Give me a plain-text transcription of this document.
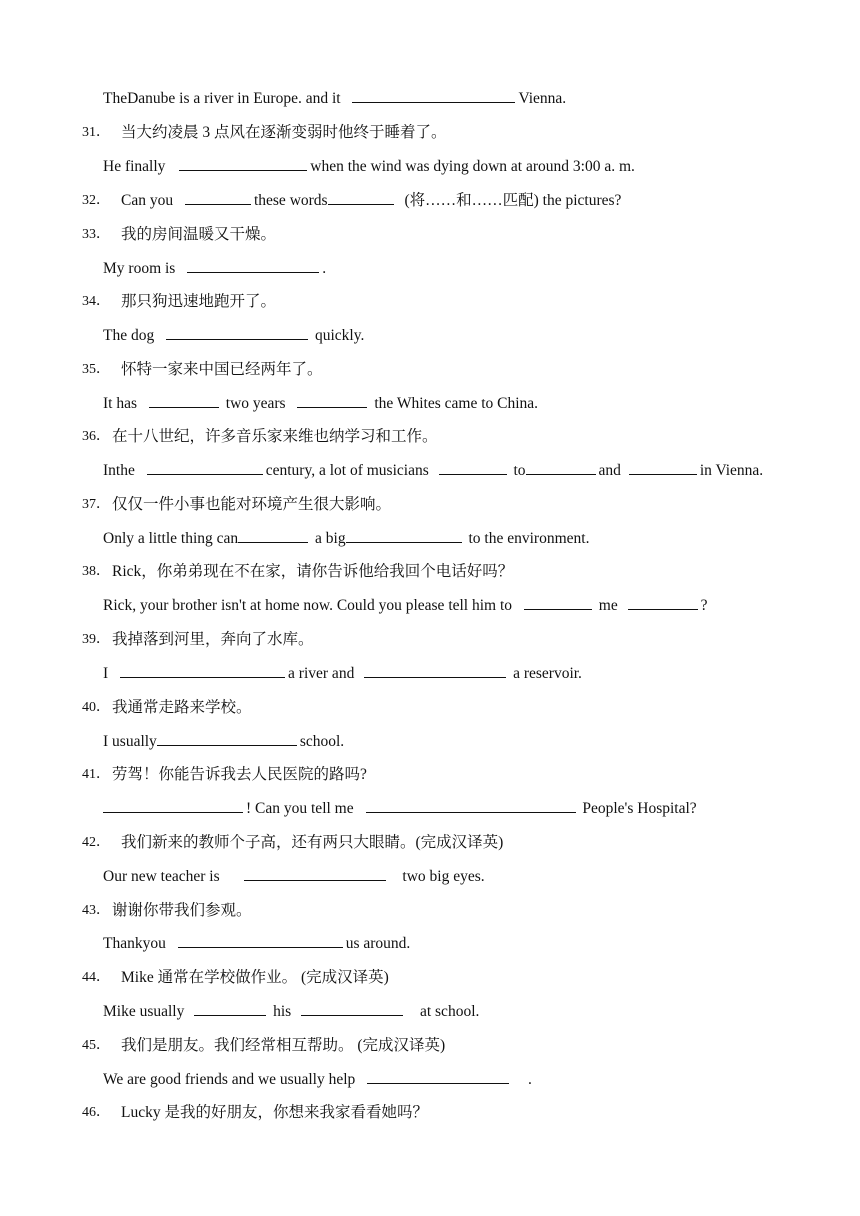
TheDanube is a river in Europe. and it	Vienna.
31． 当大约凌晨 3 点风在逐渐变弱时他终于睡着了。
He finally	when the wind was dying down at around 3:00 a. m.
32． Can you	these words	(将……和……匹配) the pictures?
33． 我的房间温暖又干燥。
My room is	.
34． 那只狗迅速地跑开了。
The dog	quickly.
35． 怀特一家来中国已经两年了。
It has	two years	the Whites came to China.
36． 在十八世纪，许多音乐家来维也纳学习和工作。
Inthe	century, a lot of musicians	to	and	in Vienna.
37． 仅仅一件小事也能对环境产生很大影响。
Only a little thing can	a big	to the environment.
38． Rick，你弟弟现在不在家，请你告诉他给我回个电话好吗？
Rick, your brother isn't at home now. Could you please tell him to	me	?
39． 我掉落到河里，奔向了水库。
I	a river and	a reservoir.
40． 我通常走路来学校。
I usually	school.
41． 劳驾！你能告诉我去人民医院的路吗?
! Can you tell me	People's Hospital?
42． 我们新来的教师个子高，还有两只大眼睛。(完成汉译英)
Our new teacher is	two big eyes.
43． 谢谢你带我们参观。
Thankyou	us around.
44． Mike 通常在学校做作业。 (完成汉译英)
Mike usually	his	at school.
45． 我们是朋友。我们经常相互帮助。 (完成汉译英)
We are good friends and we usually help	.
46． Lucky 是我的好朋友，你想来我家看看她吗？
